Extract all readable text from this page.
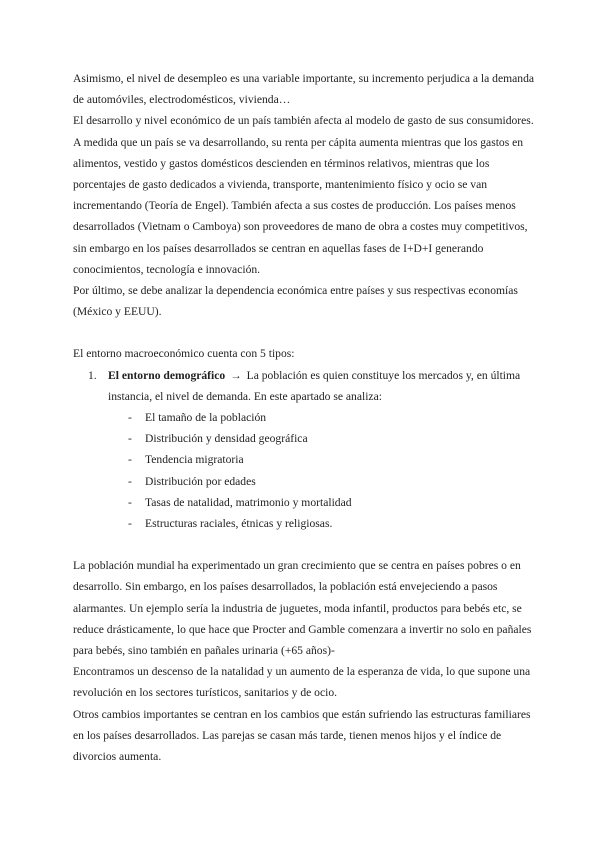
Asimismo, el nivel de desempleo es una variable importante, su incremento perjudica a la demanda de automóviles, electrodomésticos, vivienda…

El desarrollo y nivel económico de un país también afecta al modelo de gasto de sus consumidores. A medida que un país se va desarrollando, su renta per cápita aumenta mientras que los gastos en alimentos, vestido y gastos domésticos descienden en términos relativos, mientras que los porcentajes de gasto dedicados a vivienda, transporte, mantenimiento físico y ocio se van incrementando (Teoría de Engel). También afecta a sus costes de producción. Los países menos desarrollados (Vietnam o Camboya) son proveedores de mano de obra a costes muy competitivos, sin embargo en los países desarrollados se centran en aquellas fases de I+D+I generando conocimientos, tecnología e innovación.

Por último, se debe analizar la dependencia económica entre países y sus respectivas economías (México y EEUU).

El entorno macroeconómico cuenta con 5 tipos:

1. El entorno demográfico → La población es quien constituye los mercados y, en última instancia, el nivel de demanda. En este apartado se analiza:
- El tamaño de la población
- Distribución y densidad geográfica
- Tendencia migratoria
- Distribución por edades
- Tasas de natalidad, matrimonio y mortalidad
- Estructuras raciales, étnicas y religiosas.

La población mundial ha experimentado un gran crecimiento que se centra en países pobres o en desarrollo. Sin embargo, en los países desarrollados, la población está envejeciendo a pasos alarmantes. Un ejemplo sería la industria de juguetes, moda infantil, productos para bebés etc, se reduce drásticamente, lo que hace que Procter and Gamble comenzara a invertir no solo en pañales para bebés, sino también en pañales urinaria (+65 años)-

Encontramos un descenso de la natalidad y un aumento de la esperanza de vida, lo que supone una revolución en los sectores turísticos, sanitarios y de ocio.

Otros cambios importantes se centran en los cambios que están sufriendo las estructuras familiares en los países desarrollados. Las parejas se casan más tarde, tienen menos hijos y el índice de divorcios aumenta.
